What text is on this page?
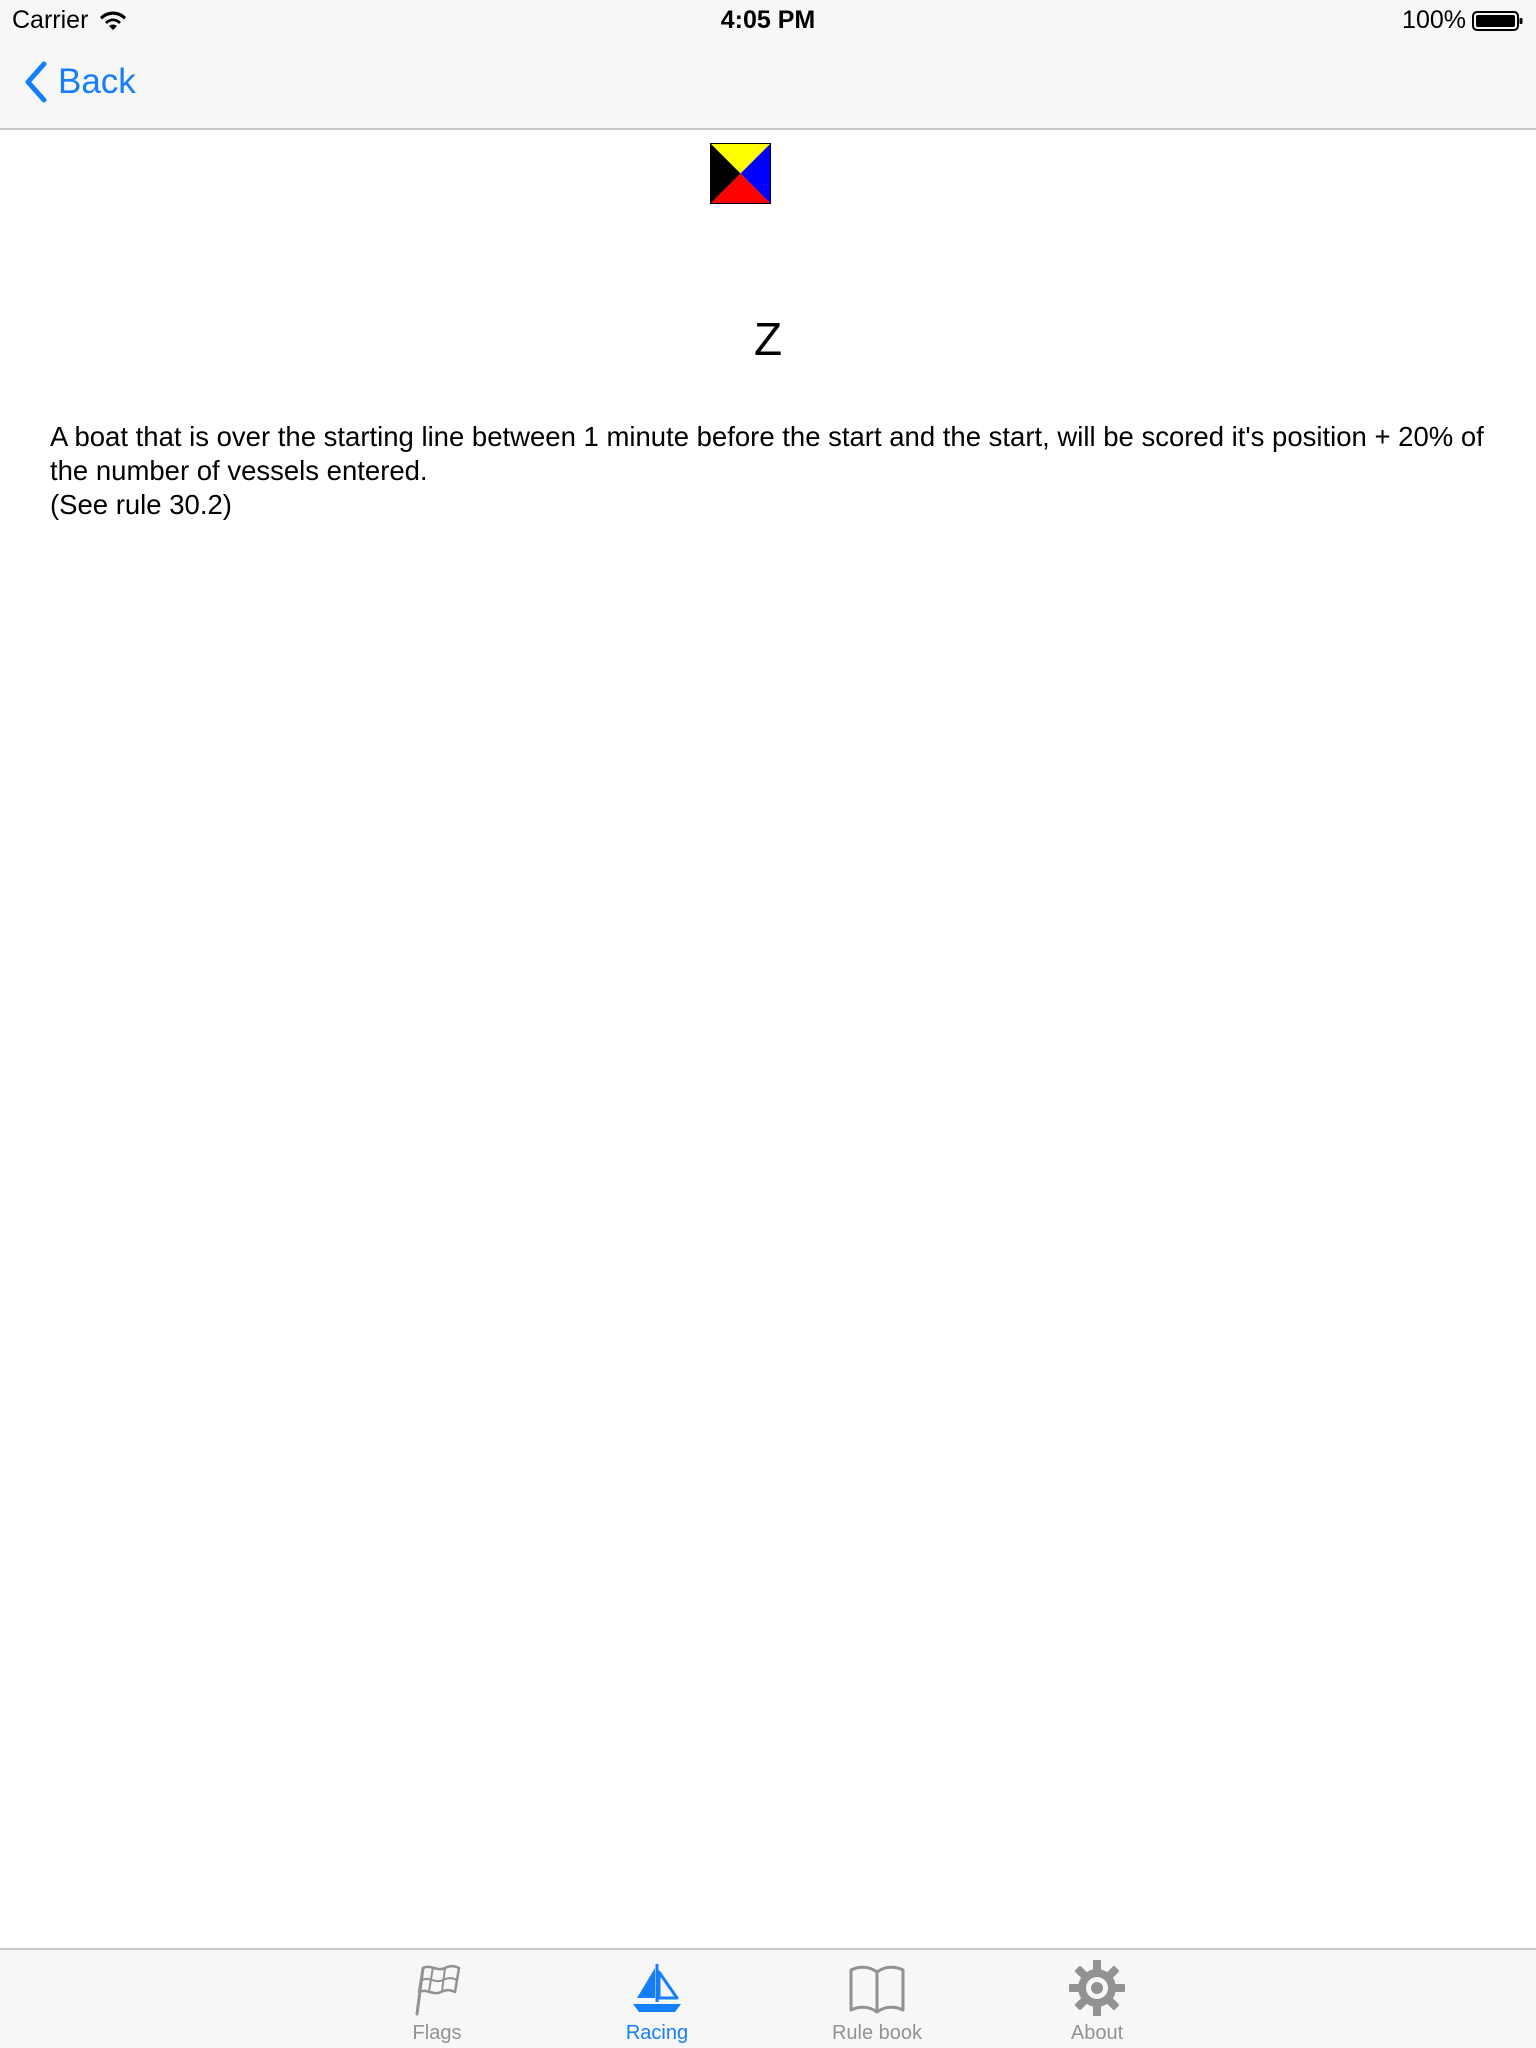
Carrier	4:05 PM	100%
Back
Z
A boat that is over the starting line between 1 minute before the start and the start, will be scored it's position + 20% of the number of vessels entered.
(See rule 30.2)
Flags	Racing	Rule book	About
